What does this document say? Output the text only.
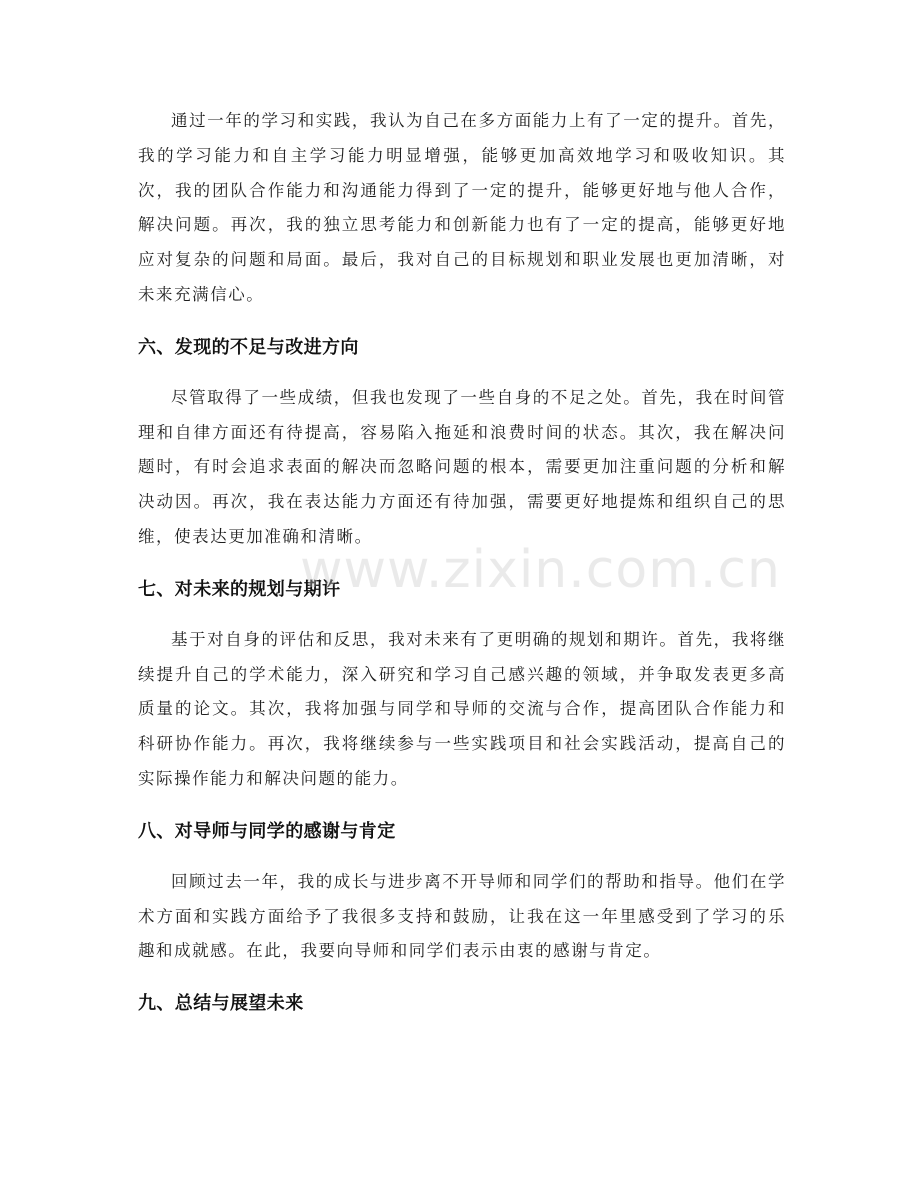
通过一年的学习和实践，我认为自己在多方面能力上有了一定的提升。首先，我的学习能力和自主学习能力明显增强，能够更加高效地学习和吸收知识。其次，我的团队合作能力和沟通能力得到了一定的提升，能够更好地与他人合作，解决问题。再次，我的独立思考能力和创新能力也有了一定的提高，能够更好地应对复杂的问题和局面。最后，我对自己的目标规划和职业发展也更加清晰，对未来充满信心。

六、发现的不足与改进方向

尽管取得了一些成绩，但我也发现了一些自身的不足之处。首先，我在时间管理和自律方面还有待提高，容易陷入拖延和浪费时间的状态。其次，我在解决问题时，有时会追求表面的解决而忽略问题的根本，需要更加注重问题的分析和解决动因。再次，我在表达能力方面还有待加强，需要更好地提炼和组织自己的思维，使表达更加准确和清晰。

七、对未来的规划与期许

基于对自身的评估和反思，我对未来有了更明确的规划和期许。首先，我将继续提升自己的学术能力，深入研究和学习自己感兴趣的领域，并争取发表更多高质量的论文。其次，我将加强与同学和导师的交流与合作，提高团队合作能力和科研协作能力。再次，我将继续参与一些实践项目和社会实践活动，提高自己的实际操作能力和解决问题的能力。

八、对导师与同学的感谢与肯定

回顾过去一年，我的成长与进步离不开导师和同学们的帮助和指导。他们在学术方面和实践方面给予了我很多支持和鼓励，让我在这一年里感受到了学习的乐趣和成就感。在此，我要向导师和同学们表示由衷的感谢与肯定。

九、总结与展望未来
www.zixin.com.cn
